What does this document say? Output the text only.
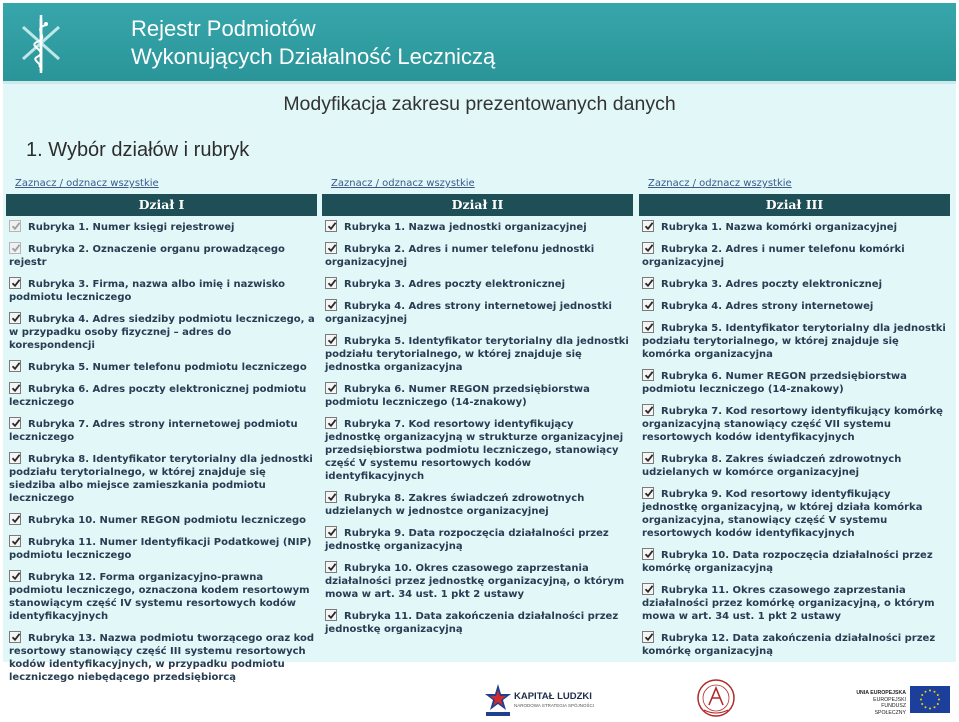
Rejestr Podmiotów
Wykonujących Działalność Leczniczą
Modyfikacja zakresu prezentowanych danych
1. Wybór działów i rubryk
Zaznacz / odznacz wszystkie
Dział I
Rubryka 1. Numer księgi rejestrowej
Rubryka 2. Oznaczenie organu prowadzącego rejestr
Rubryka 3. Firma, nazwa albo imię i nazwisko podmiotu leczniczego
Rubryka 4. Adres siedziby podmiotu leczniczego, a w przypadku osoby fizycznej – adres do korespondencji
Rubryka 5. Numer telefonu podmiotu leczniczego
Rubryka 6. Adres poczty elektronicznej podmiotu leczniczego
Rubryka 7. Adres strony internetowej podmiotu leczniczego
Rubryka 8. Identyfikator terytorialny dla jednostki podziału terytorialnego, w której znajduje się siedziba albo miejsce zamieszkania podmiotu leczniczego
Rubryka 10. Numer REGON podmiotu leczniczego
Rubryka 11. Numer Identyfikacji Podatkowej (NIP) podmiotu leczniczego
Rubryka 12. Forma organizacyjno-prawna podmiotu leczniczego, oznaczona kodem resortowym stanowiącym część IV systemu resortowych kodów identyfikacyjnych
Rubryka 13. Nazwa podmiotu tworzącego oraz kod resortowy stanowiący część III systemu resortowych kodów identyfikacyjnych, w przypadku podmiotu leczniczego niebędącego przedsiębiorcą
Zaznacz / odznacz wszystkie
Dział II
Rubryka 1. Nazwa jednostki organizacyjnej
Rubryka 2. Adres i numer telefonu jednostki organizacyjnej
Rubryka 3. Adres poczty elektronicznej
Rubryka 4. Adres strony internetowej jednostki organizacyjnej
Rubryka 5. Identyfikator terytorialny dla jednostki podziału terytorialnego, w której znajduje się jednostka organizacyjna
Rubryka 6. Numer REGON przedsiębiorstwa podmiotu leczniczego (14-znakowy)
Rubryka 7. Kod resortowy identyfikujący jednostkę organizacyjną w strukturze organizacyjnej przedsiębiorstwa podmiotu leczniczego, stanowiący część V systemu resortowych kodów identyfikacyjnych
Rubryka 8. Zakres świadczeń zdrowotnych udzielanych w jednostce organizacyjnej
Rubryka 9. Data rozpoczęcia działalności przez jednostkę organizacyjną
Rubryka 10. Okres czasowego zaprzestania działalności przez jednostkę organizacyjną, o którym mowa w art. 34 ust. 1 pkt 2 ustawy
Rubryka 11. Data zakończenia działalności przez jednostkę organizacyjną
Zaznacz / odznacz wszystkie
Dział III
Rubryka 1. Nazwa komórki organizacyjnej
Rubryka 2. Adres i numer telefonu komórki organizacyjnej
Rubryka 3. Adres poczty elektronicznej
Rubryka 4. Adres strony internetowej
Rubryka 5. Identyfikator terytorialny dla jednostki podziału terytorialnego, w której znajduje się komórka organizacyjna
Rubryka 6. Numer REGON przedsiębiorstwa podmiotu leczniczego (14-znakowy)
Rubryka 7. Kod resortowy identyfikujący komórkę organizacyjną stanowiący część VII systemu resortowych kodów identyfikacyjnych
Rubryka 8. Zakres świadczeń zdrowotnych udzielanych w komórce organizacyjnej
Rubryka 9. Kod resortowy identyfikujący jednostkę organizacyjną, w której działa komórka organizacyjna, stanowiący część V systemu resortowych kodów identyfikacyjnych
Rubryka 10. Data rozpoczęcia działalności przez komórkę organizacyjną
Rubryka 11. Okres czasowego zaprzestania działalności przez komórkę organizacyjną, o którym mowa w art. 34 ust. 1 pkt 2 ustawy
Rubryka 12. Data zakończenia działalności przez komórkę organizacyjną
KAPITAŁ LUDZKI
NARODOWA STRATEGIA SPÓJNOŚCI
UNIA EUROPEJSKA
EUROPEJSKI
FUNDUSZ SPOŁECZNY
